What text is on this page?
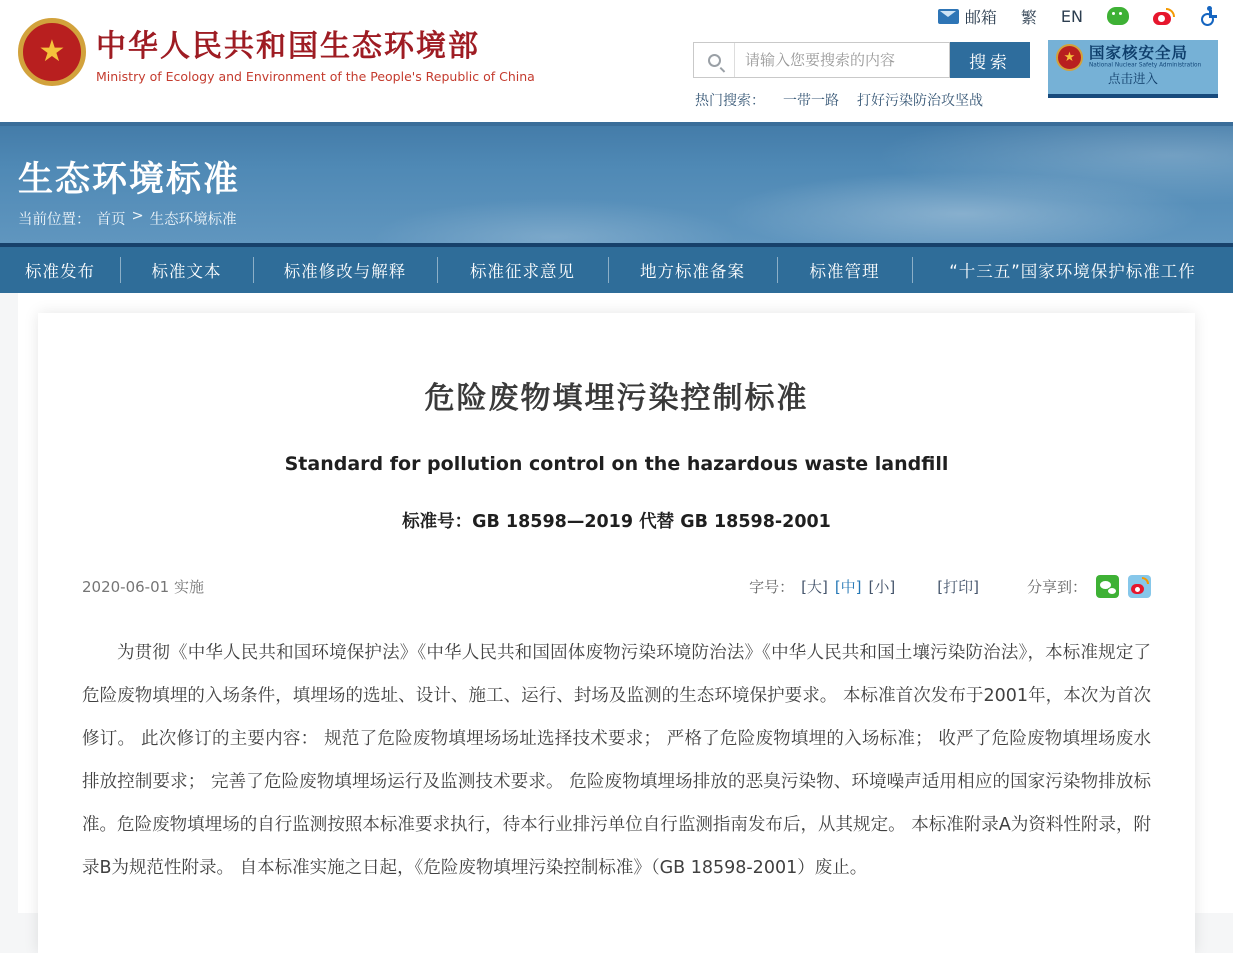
邮箱 繁 EN
★	中华人民共和国生态环境部
Ministry of Ecology and Environment of the People's Republic of China
请输入您要搜索的内容
搜索
热门搜索： 一带一路 打好污染防治攻坚战
★ 国家核安全局
National Nuclear Safety Administration
点击进入
生态环境标准
当前位置： 首页 > 生态环境标准
标准发布	标准文本	标准修改与解释	标准征求意见	地方标准备案	标准管理	“十三五”国家环境保护标准工作
危险废物填埋污染控制标准
Standard for pollution control on the hazardous waste landfill
标准号：GB 18598—2019 代替 GB 18598-2001
2020-06-01 实施	字号： [大] [中] [小]	[打印]	分享到：

为贯彻《中华人民共和国环境保护法》《中华人民共和国固体废物污染环境防治法》《中华人民共和国土壤污染防治法》，本标准规定了危险废物填埋的入场条件，填埋场的选址、设计、施工、运行、封场及监测的生态环境保护要求。 本标准首次发布于2001年，本次为首次修订。 此次修订的主要内容： 规范了危险废物填埋场场址选择技术要求； 严格了危险废物填埋的入场标准； 收严了危险废物填埋场废水排放控制要求； 完善了危险废物填埋场运行及监测技术要求。 危险废物填埋场排放的恶臭污染物、环境噪声适用相应的国家污染物排放标准。危险废物填埋场的自行监测按照本标准要求执行，待本行业排污单位自行监测指南发布后，从其规定。 本标准附录A为资料性附录，附录B为规范性附录。 自本标准实施之日起，《危险废物填埋污染控制标准》（GB 18598-2001）废止。
